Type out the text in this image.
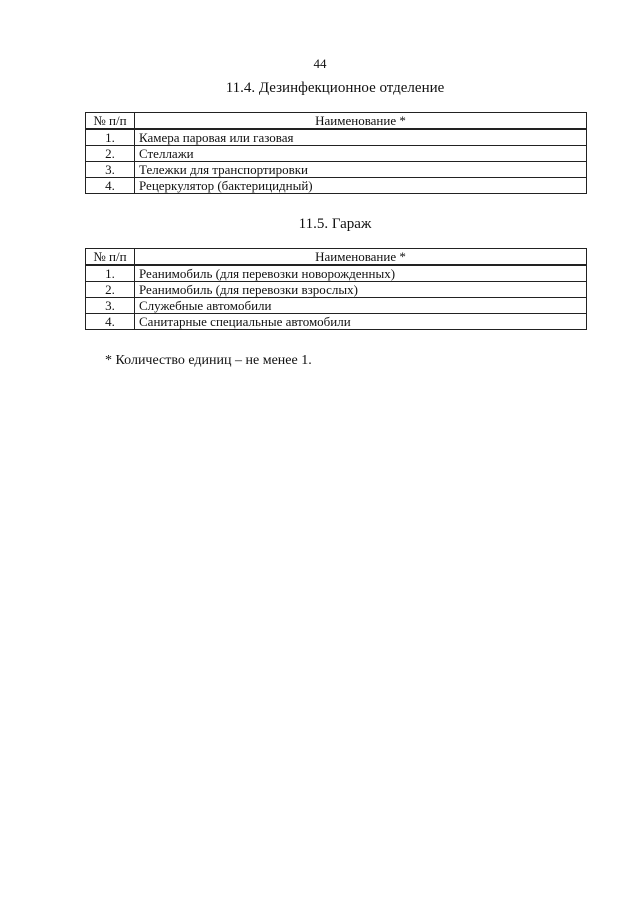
44
11.4. Дезинфекционное отделение
№ п/п	Наименование *
1.	Камера паровая или газовая
2.	Стеллажи
3.	Тележки для транспортировки
4.	Рецеркулятор (бактерицидный)
11.5. Гараж
№ п/п	Наименование *
1.	Реанимобиль (для перевозки новорожденных)
2.	Реанимобиль (для перевозки взрослых)
3.	Служебные автомобили
4.	Санитарные специальные автомобили
* Количество единиц – не менее 1.
